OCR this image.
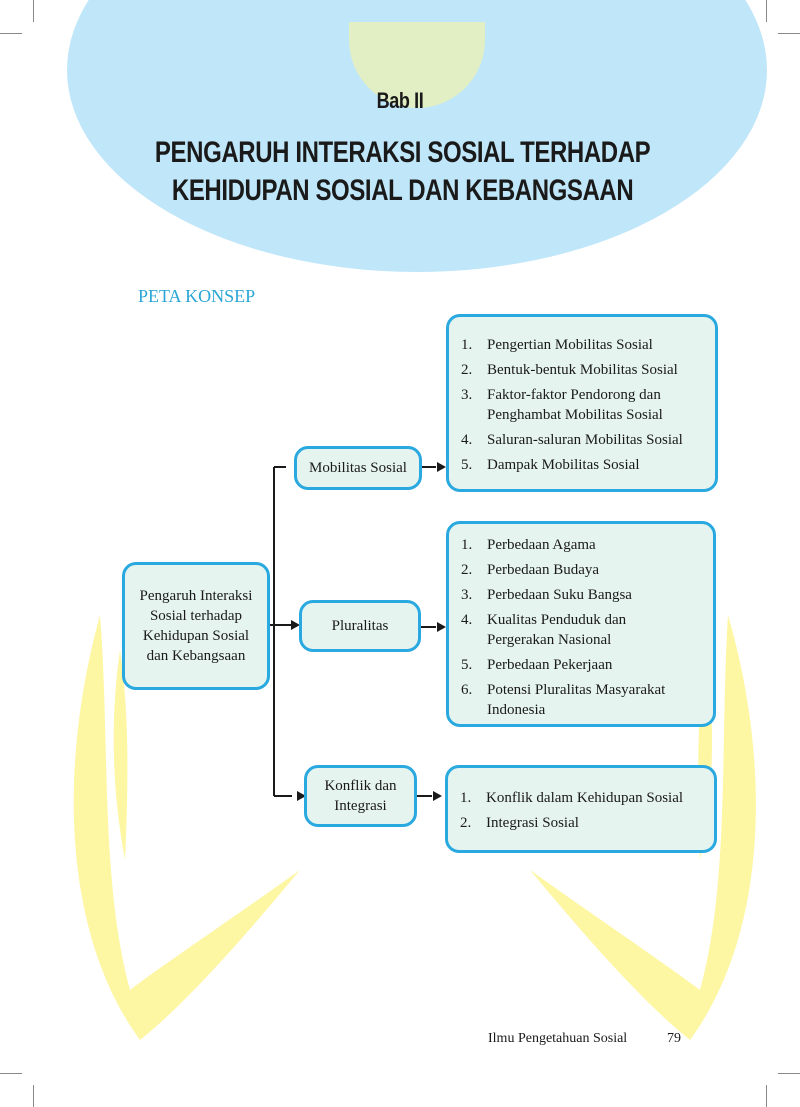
Bab II
PENGARUH INTERAKSI SOSIAL TERHADAP
KEHIDUPAN SOSIAL DAN KEBANGSAAN
PETA KONSEP
Pengaruh Interaksi
Sosial terhadap
Kehidupan Sosial
dan Kebangsaan
Mobilitas Sosial
Pluralitas
Konflik dan
Integrasi
1. Pengertian Mobilitas Sosial
2. Bentuk-bentuk Mobilitas Sosial
3. Faktor-faktor Pendorong dan
Penghambat Mobilitas Sosial
4. Saluran-saluran Mobilitas Sosial
5. Dampak Mobilitas Sosial
1. Perbedaan Agama
2. Perbedaan Budaya
3. Perbedaan Suku Bangsa
4. Kualitas Penduduk dan
Pergerakan Nasional
5. Perbedaan Pekerjaan
6. Potensi Pluralitas Masyarakat
Indonesia
1. Konflik dalam Kehidupan Sosial
2. Integrasi Sosial
Ilmu Pengetahuan Sosial	79
